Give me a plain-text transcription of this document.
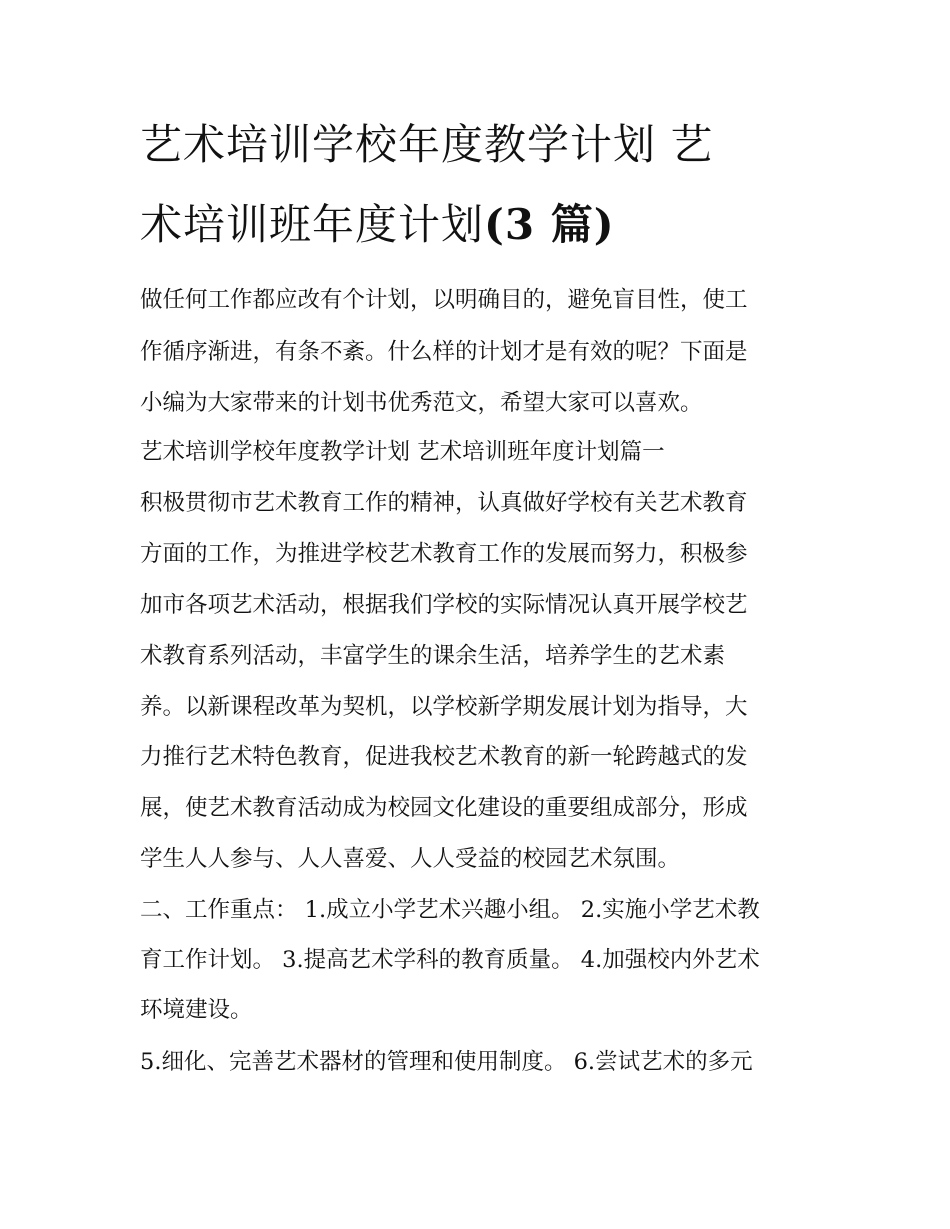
艺术培训学校年度教学计划 艺
术培训班年度计划(3 篇)
做任何工作都应改有个计划，以明确目的，避免盲目性，使工
作循序渐进，有条不紊。什么样的计划才是有效的呢？下面是
小编为大家带来的计划书优秀范文，希望大家可以喜欢。
艺术培训学校年度教学计划 艺术培训班年度计划篇一
积极贯彻市艺术教育工作的精神，认真做好学校有关艺术教育
方面的工作，为推进学校艺术教育工作的发展而努力，积极参
加市各项艺术活动，根据我们学校的实际情况认真开展学校艺
术教育系列活动，丰富学生的课余生活，培养学生的艺术素
养。以新课程改革为契机，以学校新学期发展计划为指导，大
力推行艺术特色教育，促进我校艺术教育的新一轮跨越式的发
展，使艺术教育活动成为校园文化建设的重要组成部分，形成
学生人人参与、人人喜爱、人人受益的校园艺术氛围。
二、工作重点： 1.成立小学艺术兴趣小组。 2.实施小学艺术教
育工作计划。 3.提高艺术学科的教育质量。 4.加强校内外艺术
环境建设。
5.细化、完善艺术器材的管理和使用制度。 6.尝试艺术的多元
